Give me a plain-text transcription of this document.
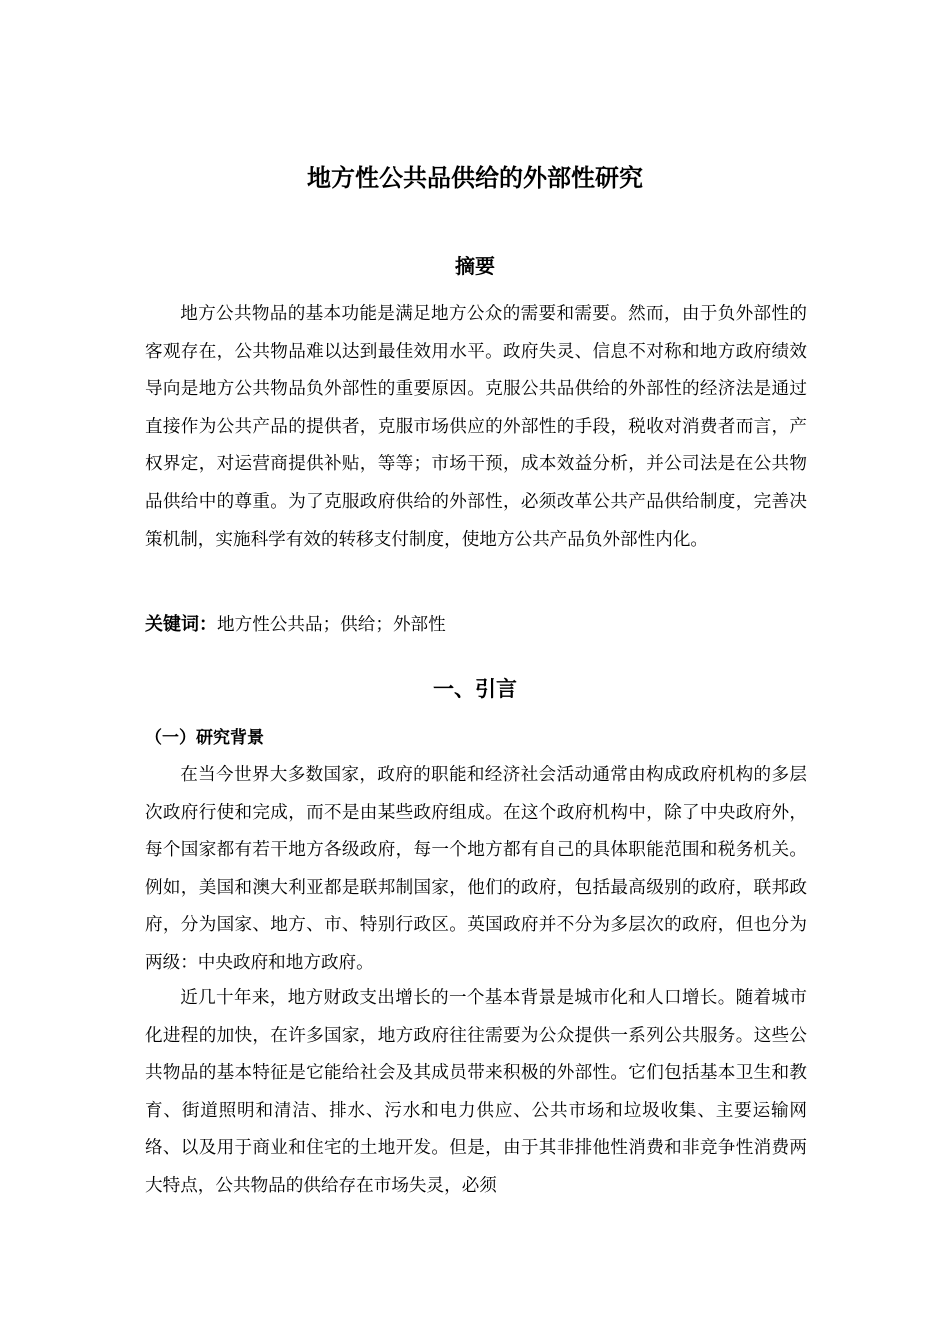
地方性公共品供给的外部性研究
摘要

地方公共物品的基本功能是满足地方公众的需要和需要。然而，由于负外部性的客观存在，公共物品难以达到最佳效用水平。政府失灵、信息不对称和地方政府绩效导向是地方公共物品负外部性的重要原因。克服公共品供给的外部性的经济法是通过直接作为公共产品的提供者，克服市场供应的外部性的手段，税收对消费者而言，产权界定，对运营商提供补贴，等等；市场干预，成本效益分析，并公司法是在公共物品供给中的尊重。为了克服政府供给的外部性，必须改革公共产品供给制度，完善决策机制，实施科学有效的转移支付制度，使地方公共产品负外部性内化。

关键词：地方性公共品；供给；外部性

一、引言
（一）研究背景

在当今世界大多数国家，政府的职能和经济社会活动通常由构成政府机构的多层次政府行使和完成，而不是由某些政府组成。在这个政府机构中，除了中央政府外，每个国家都有若干地方各级政府，每一个地方都有自己的具体职能范围和税务机关。例如，美国和澳大利亚都是联邦制国家，他们的政府，包括最高级别的政府，联邦政府，分为国家、地方、市、特别行政区。英国政府并不分为多层次的政府，但也分为两级：中央政府和地方政府。

近几十年来，地方财政支出增长的一个基本背景是城市化和人口增长。随着城市化进程的加快，在许多国家，地方政府往往需要为公众提供一系列公共服务。这些公共物品的基本特征是它能给社会及其成员带来积极的外部性。它们包括基本卫生和教育、街道照明和清洁、排水、污水和电力供应、公共市场和垃圾收集、主要运输网络、以及用于商业和住宅的土地开发。但是，由于其非排他性消费和非竞争性消费两大特点，公共物品的供给存在市场失灵，必须
